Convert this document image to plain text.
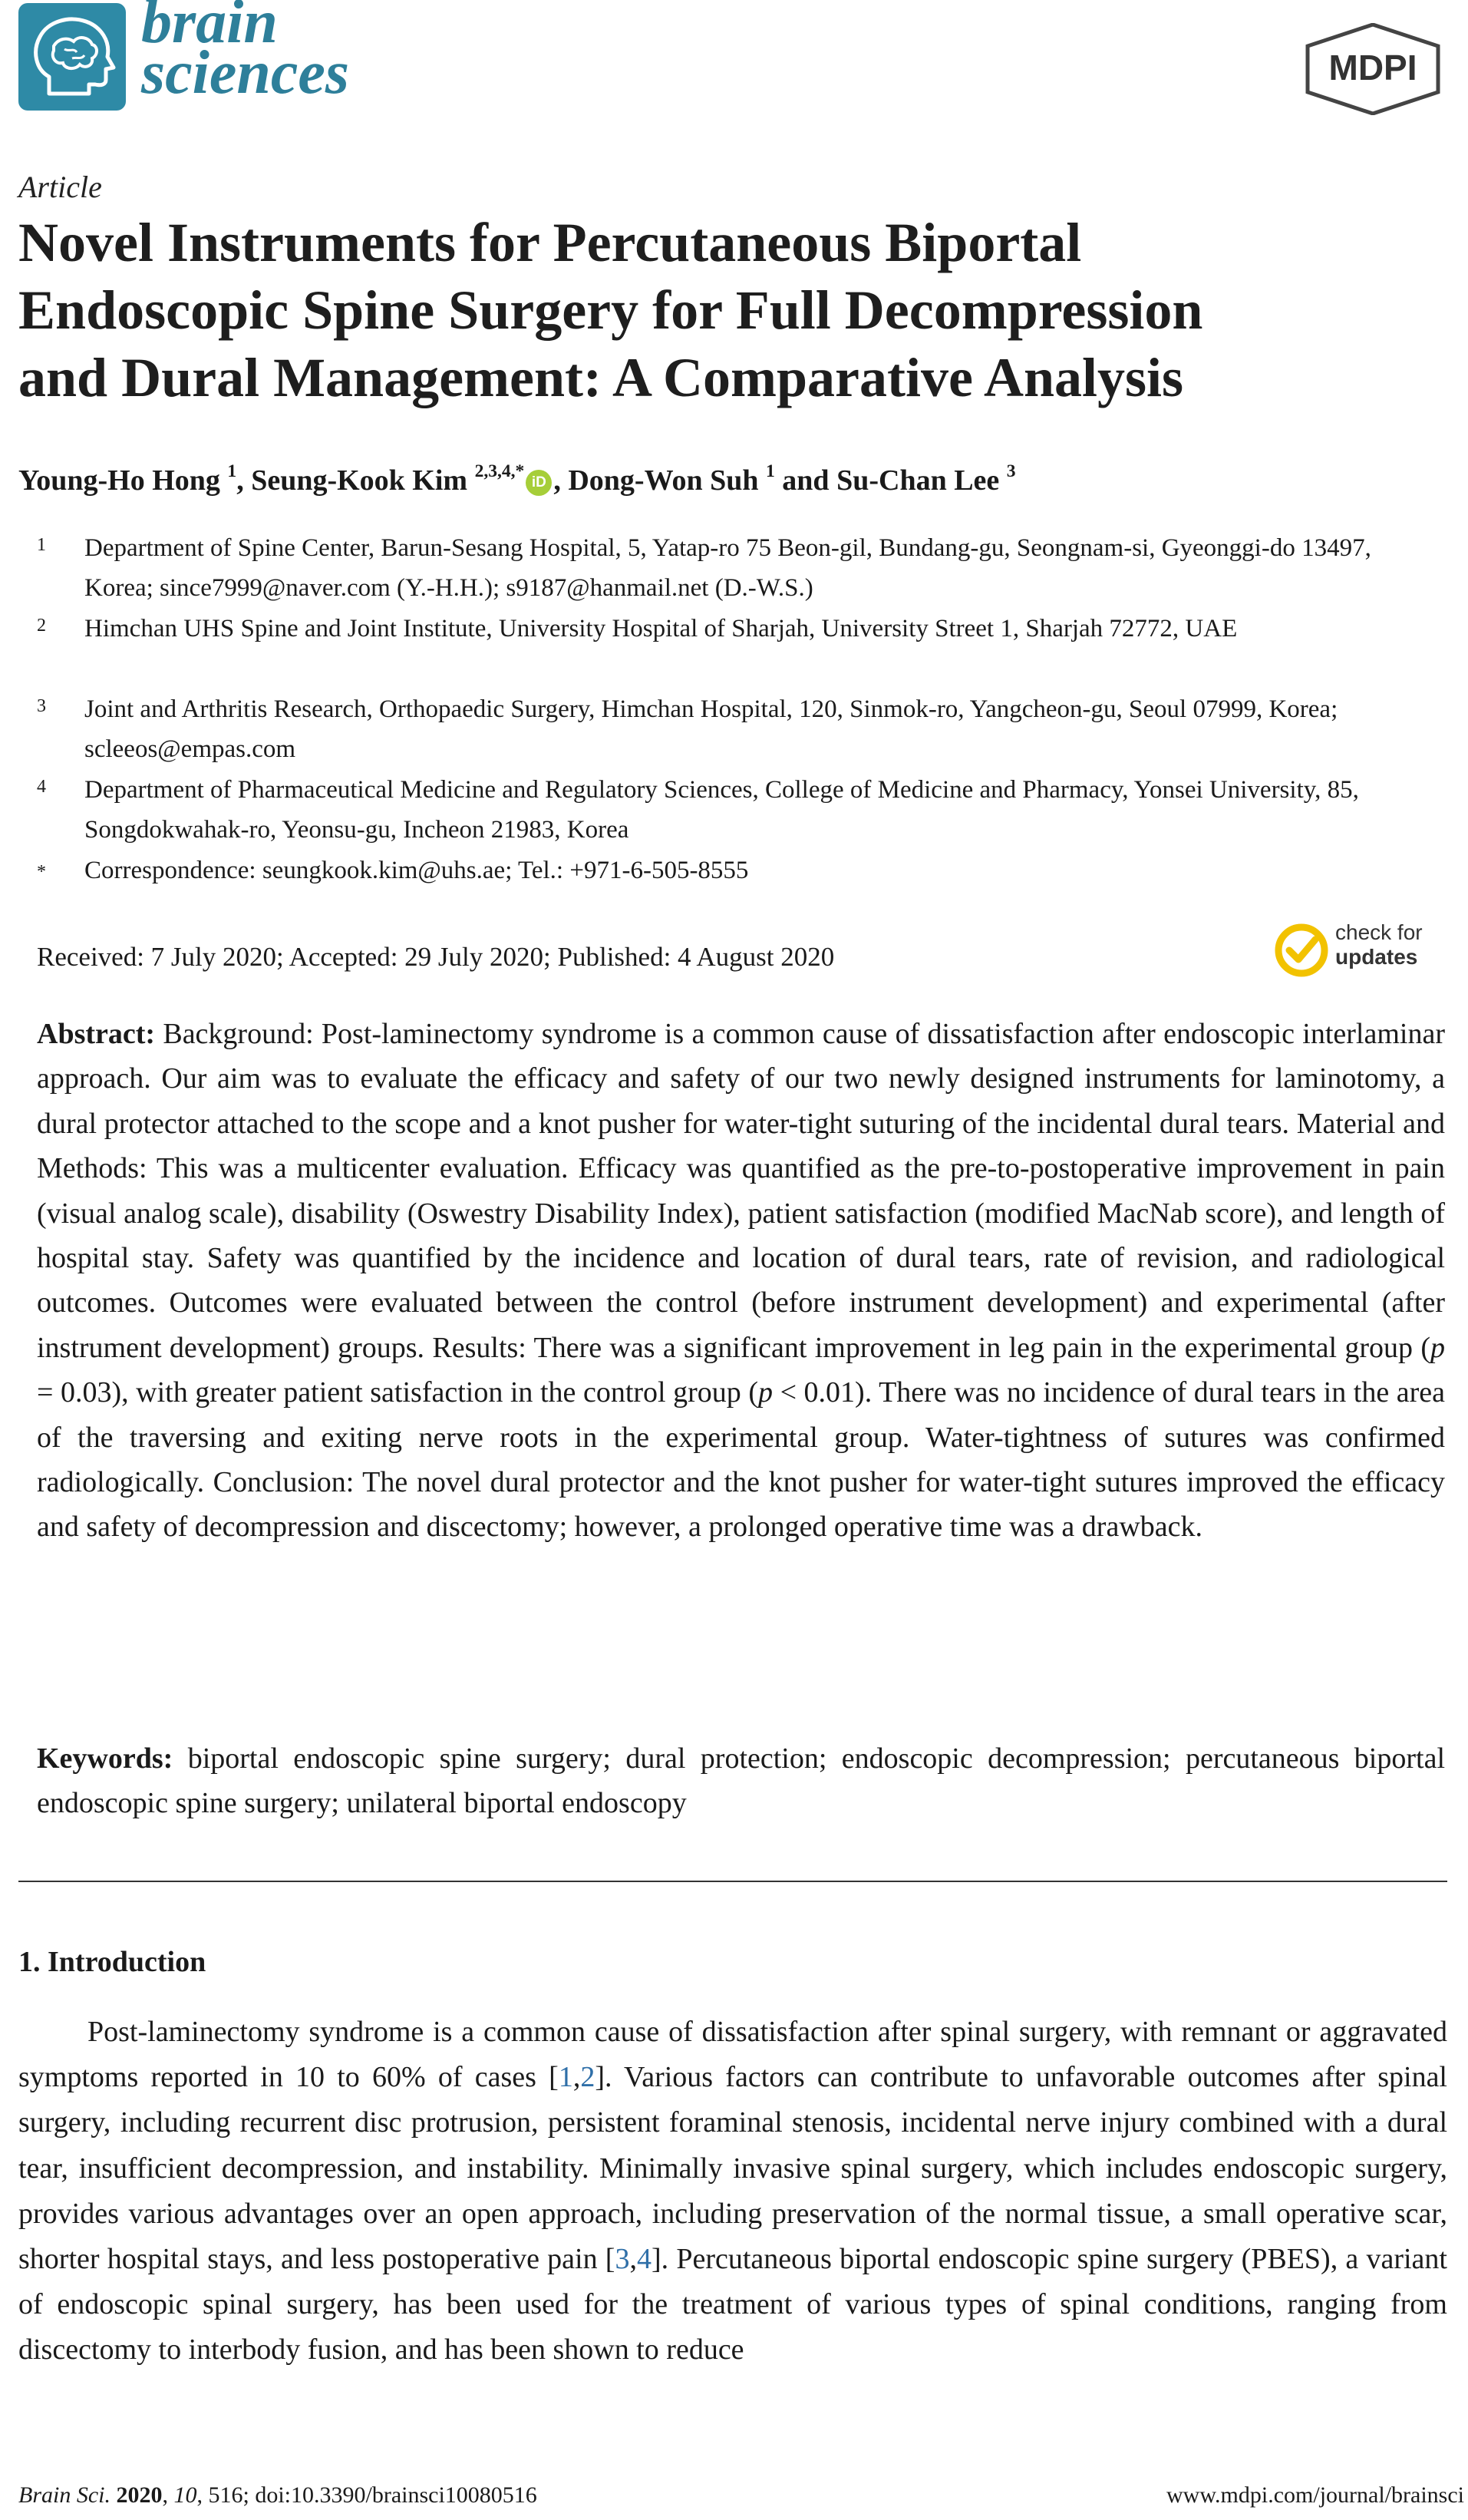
brain
sciences	MDPI
Article
Novel Instruments for Percutaneous Biportal
Endoscopic Spine Surgery for Full Decompression
and Dural Management: A Comparative Analysis
Young-Ho Hong $^1$, Seung-Kook Kim $^{2,3,4,*}$iD , Dong-Won Suh $^1$ and Su-Chan Lee $^3$
1 Department of Spine Center, Barun-Sesang Hospital, 5, Yatap-ro 75 Beon-gil, Bundang-gu, Seongnam-si, Gyeonggi-do 13497, Korea; since7999@naver.com (Y.-H.H.); s9187@hanmail.net (D.-W.S.)
2 Himchan UHS Spine and Joint Institute, University Hospital of Sharjah, University Street 1, Sharjah 72772, UAE
3 Joint and Arthritis Research, Orthopaedic Surgery, Himchan Hospital, 120, Sinmok-ro, Yangcheon-gu, Seoul 07999, Korea; scleeos@empas.com
4 Department of Pharmaceutical Medicine and Regulatory Sciences, College of Medicine and Pharmacy, Yonsei University, 85, Songdokwahak-ro, Yeonsu-gu, Incheon 21983, Korea
* Correspondence: seungkook.kim@uhs.ae; Tel.: +971-6-505-8555
Received: 7 July 2020; Accepted: 29 July 2020; Published: 4 August 2020
check for
updates
Abstract: Background: Post-laminectomy syndrome is a common cause of dissatisfaction after endoscopic interlaminar approach. Our aim was to evaluate the efficacy and safety of our two newly designed instruments for laminotomy, a dural protector attached to the scope and a knot pusher for water-tight suturing of the incidental dural tears. Material and Methods: This was a multicenter evaluation. Efficacy was quantified as the pre-to-postoperative improvement in pain (visual analog scale), disability (Oswestry Disability Index), patient satisfaction (modified MacNab score), and length of hospital stay. Safety was quantified by the incidence and location of dural tears, rate of revision, and radiological outcomes. Outcomes were evaluated between the control (before instrument development) and experimental (after instrument development) groups. Results: There was a significant improvement in leg pain in the experimental group (p = 0.03), with greater patient satisfaction in the control group (p < 0.01). There was no incidence of dural tears in the area of the traversing and exiting nerve roots in the experimental group. Water-tightness of sutures was confirmed radiologically. Conclusion: The novel dural protector and the knot pusher for water-tight sutures improved the efficacy and safety of decompression and discectomy; however, a prolonged operative time was a drawback.
Keywords: biportal endoscopic spine surgery; dural protection; endoscopic decompression; percutaneous biportal endoscopic spine surgery; unilateral biportal endoscopy
1. Introduction
Post-laminectomy syndrome is a common cause of dissatisfaction after spinal surgery, with remnant or aggravated symptoms reported in 10 to 60% of cases [1,2]. Various factors can contribute to unfavorable outcomes after spinal surgery, including recurrent disc protrusion, persistent foraminal stenosis, incidental nerve injury combined with a dural tear, insufficient decompression, and instability. Minimally invasive spinal surgery, which includes endoscopic surgery, provides various advantages over an open approach, including preservation of the normal tissue, a small operative scar, shorter hospital stays, and less postoperative pain [3,4]. Percutaneous biportal endoscopic spine surgery (PBES), a variant of endoscopic spinal surgery, has been used for the treatment of various types of spinal conditions, ranging from discectomy to interbody fusion, and has been shown to reduce
Brain Sci. 2020, 10, 516; doi:10.3390/brainsci10080516	www.mdpi.com/journal/brainsci
